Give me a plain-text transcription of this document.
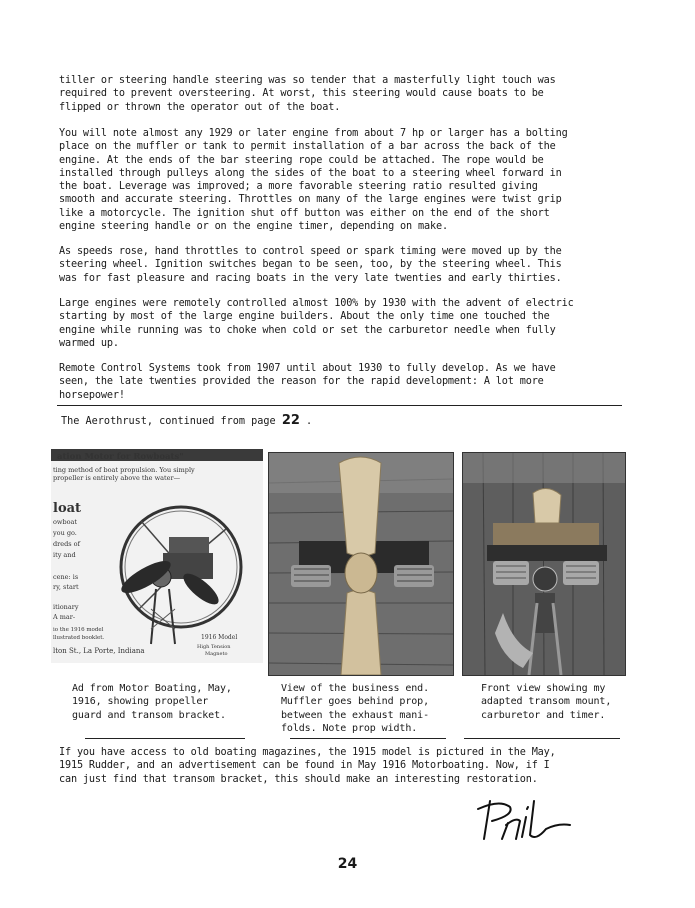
tiller or steering handle steering was so tender that a masterfully light touch was
required to prevent oversteering. At worst, this steering would cause boats to be
flipped or thrown the operator out of the boat.

You will note almost any 1929 or later engine from about 7 hp or larger has a bolting
place on the muffler or tank to permit installation of a bar across the back of the
engine. At the ends of the bar steering rope could be attached. The rope would be
installed through pulleys along the sides of the boat to a steering wheel forward in
the boat. Leverage was improved; a more favorable steering ratio resulted giving
smooth and accurate steering. Throttles on many of the large engines were twist grip
like a motorcycle. The ignition shut off button was either on the end of the short
engine steering handle or on the engine timer, depending on make.

As speeds rose, hand throttles to control speed or spark timing were moved up by the
steering wheel. Ignition switches began to be seen, too, by the steering wheel. This
was for fast pleasure and racing boats in the very late twenties and early thirties.

Large engines were remotely controlled almost 100% by 1930 with the advent of electric
starting by most of the large engine builders. About the only time one touched the
engine while running was to choke when cold or set the carburetor needle when fully
warmed up.

Remote Control Systems took from 1907 until about 1930 to fully develop. As we have
seen, the late twenties provided the reason for the rapid development: A lot more
horsepower!

The Aerothrust, continued from page 22 .
ation Motor for Rowboats"
ting method of boat propulsion. You simply
propeller is entirely above the water—
loat
owboat
you go.
dreds of
ity and
cene: is
ry, start
itionary
A mar-
io the 1916 model
llustrated booklet.
lton St., La Porte, Indiana
1916 Model
High Tension
Magneto

Ad from Motor Boating, May,
1916, showing propeller
guard and transom bracket.

View of the business end.
Muffler goes behind prop,
between the exhaust mani-
folds. Note prop width.

Front view showing my
adapted transom mount,
carburetor and timer.

If you have access to old boating magazines, the 1915 model is pictured in the May,
1915 Rudder, and an advertisement can be found in May 1916 Motorboating. Now, if I
can just find that transom bracket, this should make an interesting restoration.

24
